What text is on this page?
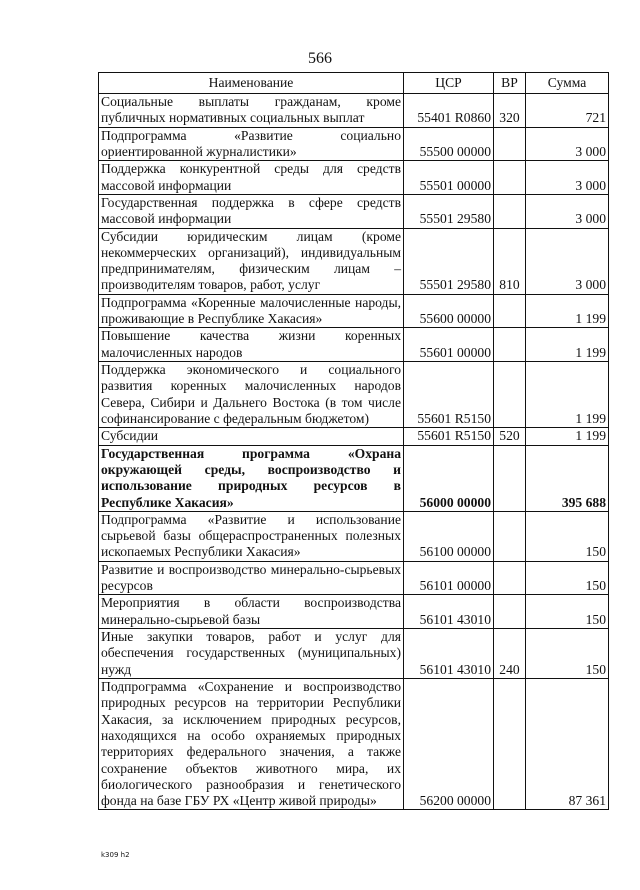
566
Наименование	ЦСР	ВР	Сумма
Социальные выплаты гражданам, кроме публичных нормативных социальных выплат	55401 R0860	320	721
Подпрограмма «Развитие социально ориентированной журналистики»	55500 00000		3 000
Поддержка конкурентной среды для средств массовой информации	55501 00000		3 000
Государственная поддержка в сфере средств массовой информации	55501 29580		3 000
Субсидии юридическим лицам (кроме некоммерческих организаций), индивидуальным предпринимателям, физическим лицам – производителям товаров, работ, услуг	55501 29580	810	3 000
Подпрограмма «Коренные малочисленные народы, проживающие в Республике Хакасия»	55600 00000		1 199
Повышение качества жизни коренных малочисленных народов	55601 00000		1 199
Поддержка экономического и социального развития коренных малочисленных народов Севера, Сибири и Дальнего Востока (в том числе софинансирование с федеральным бюджетом)	55601 R5150		1 199
Субсидии	55601 R5150	520	1 199
Государственная программа «Охрана окружающей среды, воспроизводство и использование природных ресурсов в Республике Хакасия»	56000 00000		395 688
Подпрограмма «Развитие и использование сырьевой базы общераспространенных полезных ископаемых Республики Хакасия»	56100 00000		150
Развитие и воспроизводство минерально-сырьевых ресурсов	56101 00000		150
Мероприятия в области воспроизводства минерально-сырьевой базы	56101 43010		150
Иные закупки товаров, работ и услуг для обеспечения государственных (муниципальных) нужд	56101 43010	240	150
Подпрограмма «Сохранение и воспроизводство природных ресурсов на территории Республики Хакасия, за исключением природных ресурсов, находящихся на особо охраняемых природных территориях федерального значения, а также сохранение объектов животного мира, их биологического разнообразия и генетического фонда на базе ГБУ РХ «Центр живой природы»	56200 00000		87 361
k309 h2
